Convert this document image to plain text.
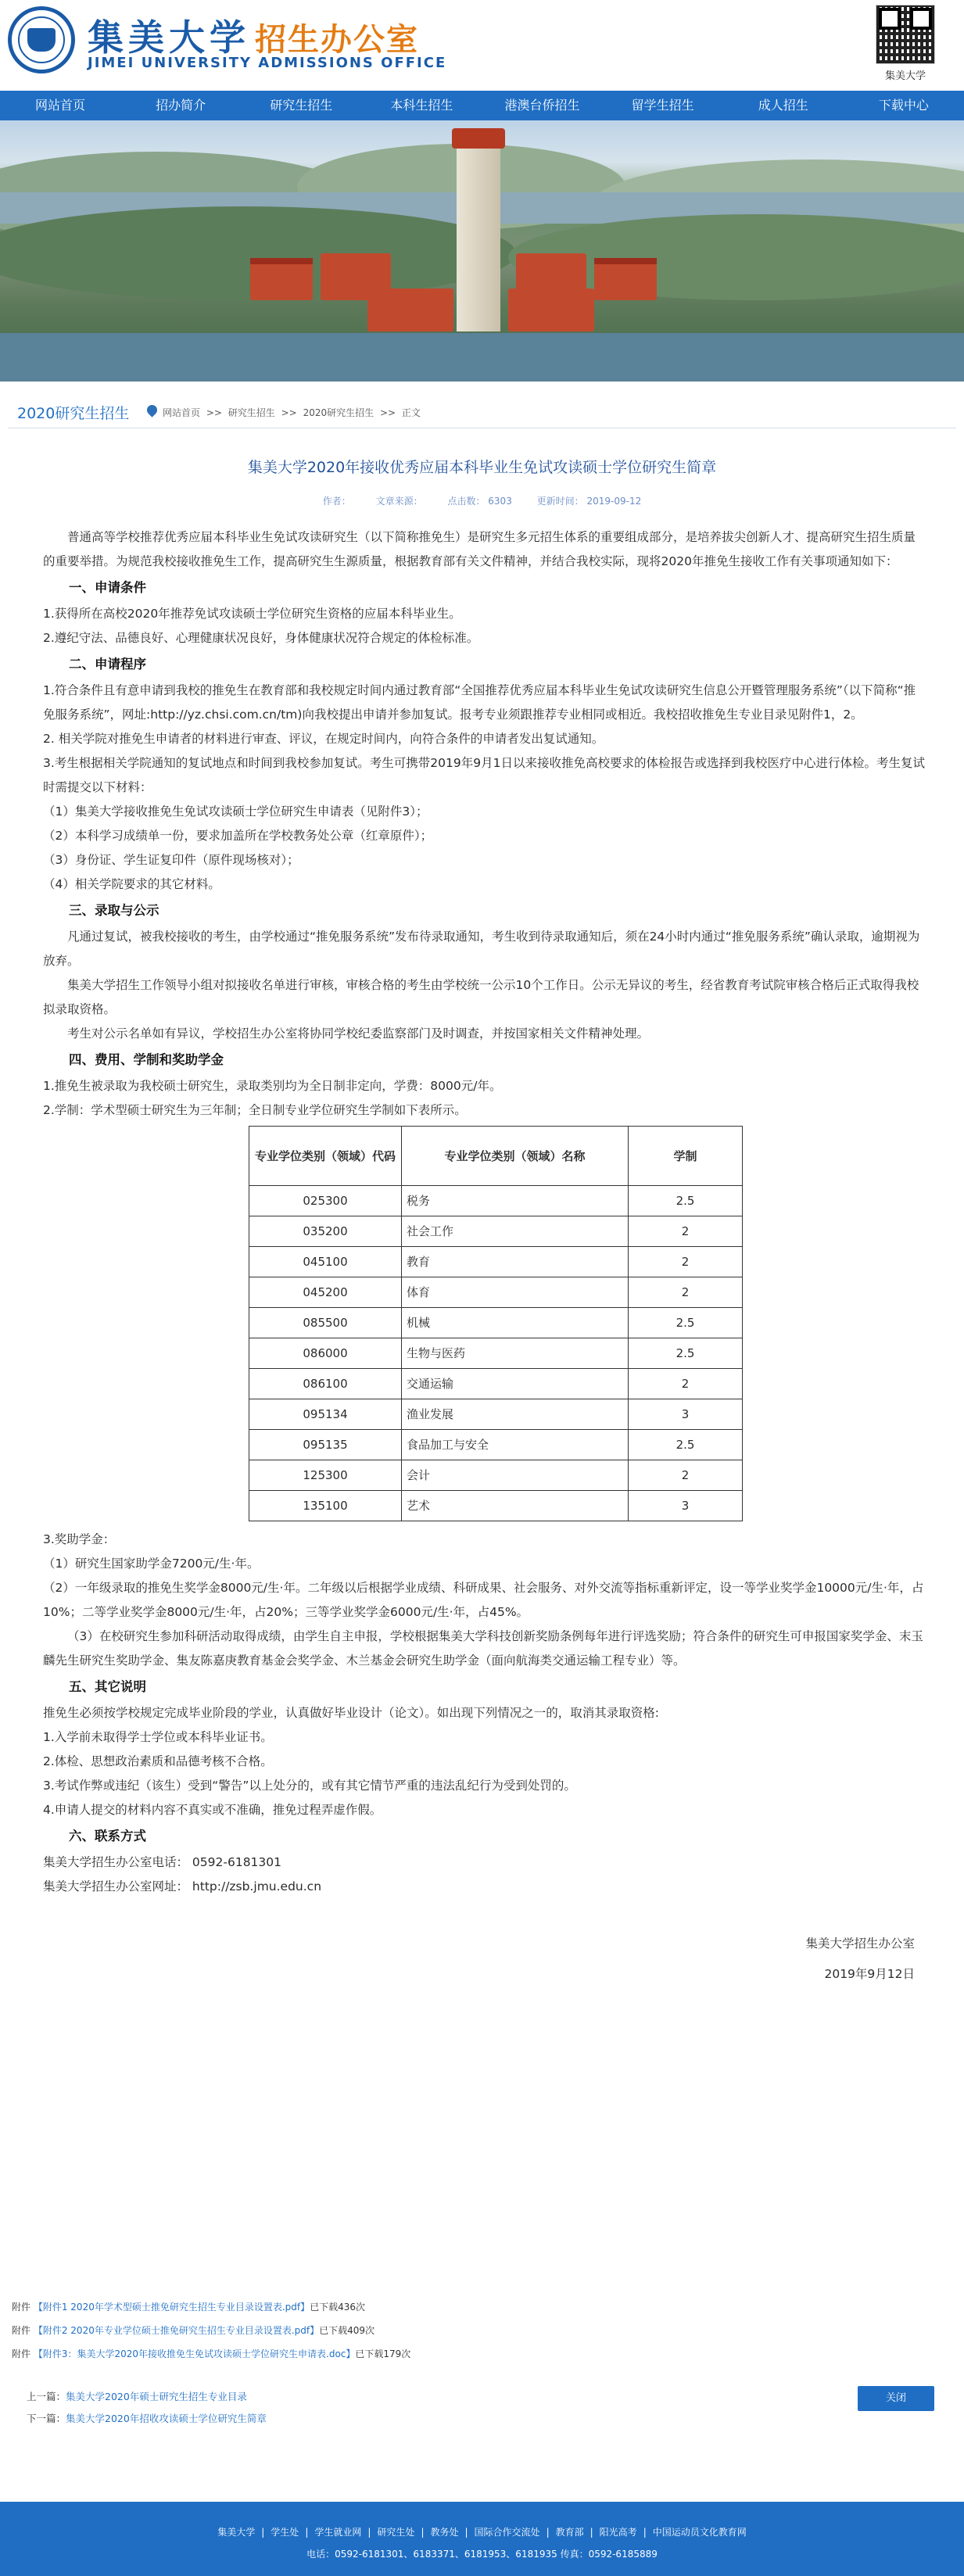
集美大学 招生办公室
JIMEI UNIVERSITY ADMISSIONS OFFICE
集美大学
网站首页	招办简介	研究生招生	本科生招生	港澳台侨招生	留学生招生	成人招生	下载中心
2020研究生招生	网站首页 >> 研究生招生 >> 2020研究生招生 >> 正文
集美大学2020年接收优秀应届本科毕业生免试攻读硕士学位研究生简章
作者：	文章来源：	点击数： 6303	更新时间： 2019-09-12

普通高等学校推荐优秀应届本科毕业生免试攻读研究生（以下简称推免生）是研究生多元招生体系的重要组成部分，是培养拔尖创新人才、提高研究生招生质量的重要举措。为规范我校接收推免生工作，提高研究生生源质量，根据教育部有关文件精神，并结合我校实际，现将2020年推免生接收工作有关事项通知如下：

一、申请条件

1.获得所在高校2020年推荐免试攻读硕士学位研究生资格的应届本科毕业生。

2.遵纪守法、品德良好、心理健康状况良好，身体健康状况符合规定的体检标准。

二、申请程序

1.符合条件且有意申请到我校的推免生在教育部和我校规定时间内通过教育部“全国推荐优秀应届本科毕业生免试攻读研究生信息公开暨管理服务系统”（以下简称“推免服务系统”，网址:http://yz.chsi.com.cn/tm)向我校提出申请并参加复试。报考专业须跟推荐专业相同或相近。我校招收推免生专业目录见附件1，2。

2. 相关学院对推免生申请者的材料进行审查、评议，在规定时间内，向符合条件的申请者发出复试通知。

3.考生根据相关学院通知的复试地点和时间到我校参加复试。考生可携带2019年9月1日以来接收推免高校要求的体检报告或选择到我校医疗中心进行体检。考生复试时需提交以下材料：

（1）集美大学接收推免生免试攻读硕士学位研究生申请表（见附件3）；

（2）本科学习成绩单一份，要求加盖所在学校教务处公章（红章原件）；

（3）身份证、学生证复印件（原件现场核对）；

（4）相关学院要求的其它材料。

三、录取与公示

凡通过复试，被我校接收的考生，由学校通过“推免服务系统”发布待录取通知，考生收到待录取通知后，须在24小时内通过“推免服务系统”确认录取，逾期视为放弃。

集美大学招生工作领导小组对拟接收名单进行审核，审核合格的考生由学校统一公示10个工作日。公示无异议的考生，经省教育考试院审核合格后正式取得我校拟录取资格。

考生对公示名单如有异议，学校招生办公室将协同学校纪委监察部门及时调查，并按国家相关文件精神处理。

四、费用、学制和奖助学金

1.推免生被录取为我校硕士研究生，录取类别均为全日制非定向，学费：8000元/年。

2.学制：学术型硕士研究生为三年制；全日制专业学位研究生学制如下表所示。

专业学位类别（领域）代码	专业学位类别（领域）名称	学制
025300	税务	2.5
035200	社会工作	2
045100	教育	2
045200	体育	2
085500	机械	2.5
086000	生物与医药	2.5
086100	交通运输	2
095134	渔业发展	3
095135	食品加工与安全	2.5
125300	会计	2
135100	艺术	3

3.奖助学金：

（1）研究生国家助学金7200元/生·年。

（2）一年级录取的推免生奖学金8000元/生·年。二年级以后根据学业成绩、科研成果、社会服务、对外交流等指标重新评定，设一等学业奖学金10000元/生·年，占10%；二等学业奖学金8000元/生·年，占20%；三等学业奖学金6000元/生·年，占45%。

（3）在校研究生参加科研活动取得成绩，由学生自主申报，学校根据集美大学科技创新奖励条例每年进行评选奖励；符合条件的研究生可申报国家奖学金、末玉麟先生研究生奖助学金、集友陈嘉庚教育基金会奖学金、木兰基金会研究生助学金（面向航海类交通运输工程专业）等。

五、其它说明

推免生必须按学校规定完成毕业阶段的学业，认真做好毕业设计（论文）。如出现下列情况之一的，取消其录取资格:

1.入学前未取得学士学位或本科毕业证书。

2.体检、思想政治素质和品德考核不合格。

3.考试作弊或违纪（该生）受到“警告”以上处分的，或有其它情节严重的违法乱纪行为受到处罚的。

4.申请人提交的材料内容不真实或不准确，推免过程弄虚作假。

六、联系方式

集美大学招生办公室电话： 0592-6181301

集美大学招生办公室网址： http://zsb.jmu.edu.cn

集美大学招生办公室

2019年9月12日

附件 【附件1 2020年学术型硕士推免研究生招生专业目录设置表.pdf】已下载436次
附件 【附件2 2020年专业学位硕士推免研究生招生专业目录设置表.pdf】已下载409次
附件 【附件3：集美大学2020年接收推免生免试攻读硕士学位研究生申请表.doc】已下载179次
上一篇：集美大学2020年硕士研究生招生专业目录
下一篇：集美大学2020年招收攻读硕士学位研究生简章
关闭
集美大学 | 学生处 | 学生就业网 | 研究生处 | 教务处 | 国际合作交流处 | 教育部 | 阳光高考 | 中国运动员文化教育网
电话：0592-6181301、6183371、6181953、6181935 传真：0592-6185889
